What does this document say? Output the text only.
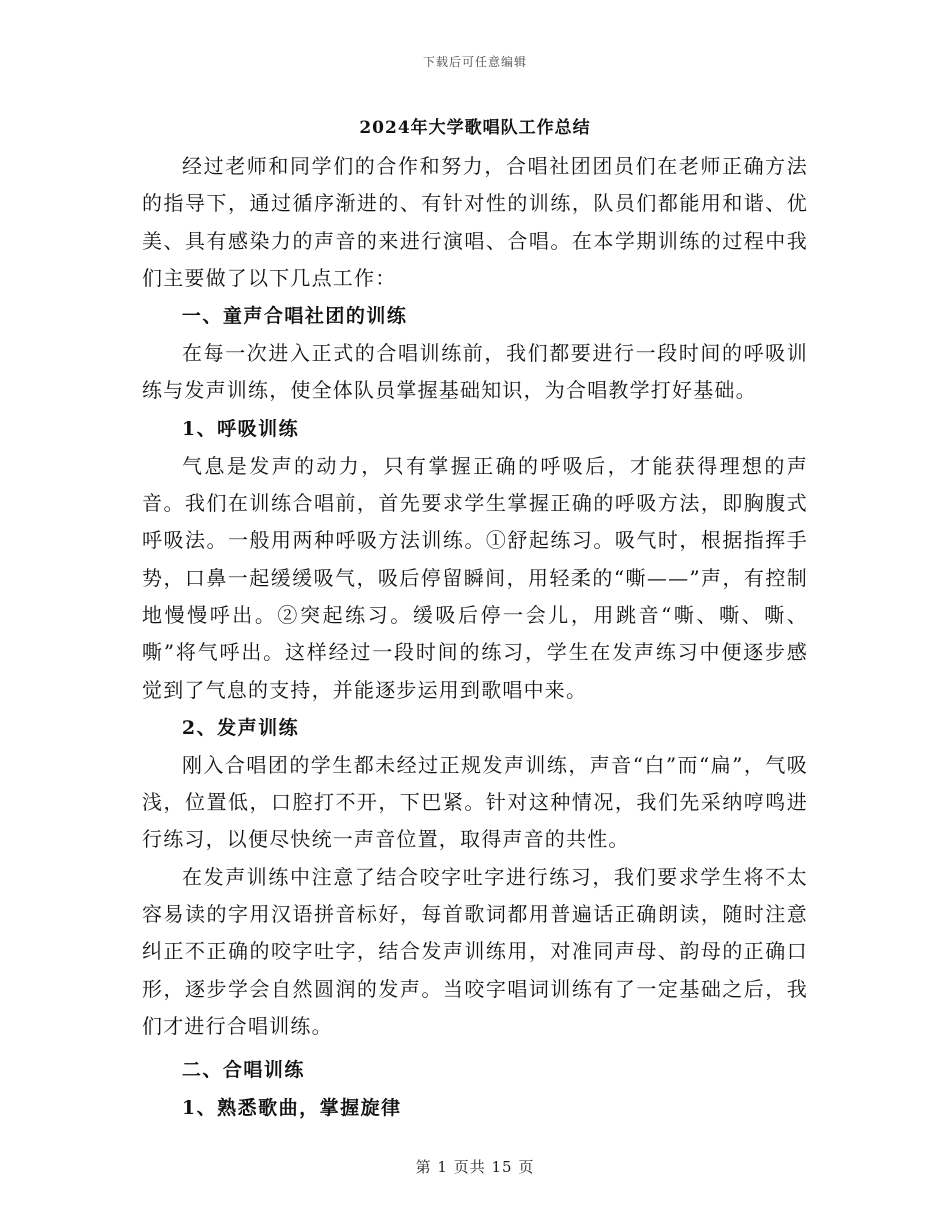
下载后可任意编辑
2024年大学歌唱队工作总结

经过老师和同学们的合作和努力，合唱社团团员们在老师正确方法的指导下，通过循序渐进的、有针对性的训练，队员们都能用和谐、优美、具有感染力的声音的来进行演唱、合唱。在本学期训练的过程中我们主要做了以下几点工作：

一、童声合唱社团的训练

在每一次进入正式的合唱训练前，我们都要进行一段时间的呼吸训练与发声训练，使全体队员掌握基础知识，为合唱教学打好基础。

1、呼吸训练

气息是发声的动力，只有掌握正确的呼吸后，才能获得理想的声音。我们在训练合唱前，首先要求学生掌握正确的呼吸方法，即胸腹式呼吸法。一般用两种呼吸方法训练。①舒起练习。吸气时，根据指挥手势，口鼻一起缓缓吸气，吸后停留瞬间，用轻柔的“嘶——”声，有控制地慢慢呼出。②突起练习。缓吸后停一会儿，用跳音“嘶、嘶、嘶、嘶”将气呼出。这样经过一段时间的练习，学生在发声练习中便逐步感觉到了气息的支持，并能逐步运用到歌唱中来。

2、发声训练

刚入合唱团的学生都未经过正规发声训练，声音“白”而“扁”，气吸浅，位置低，口腔打不开，下巴紧。针对这种情况，我们先采纳哼鸣进行练习，以便尽快统一声音位置，取得声音的共性。

在发声训练中注意了结合咬字吐字进行练习，我们要求学生将不太容易读的字用汉语拼音标好，每首歌词都用普遍话正确朗读，随时注意纠正不正确的咬字吐字，结合发声训练用，对准同声母、韵母的正确口形，逐步学会自然圆润的发声。当咬字唱词训练有了一定基础之后，我们才进行合唱训练。

二、合唱训练

1、熟悉歌曲，掌握旋律

第 1 页共 15 页
